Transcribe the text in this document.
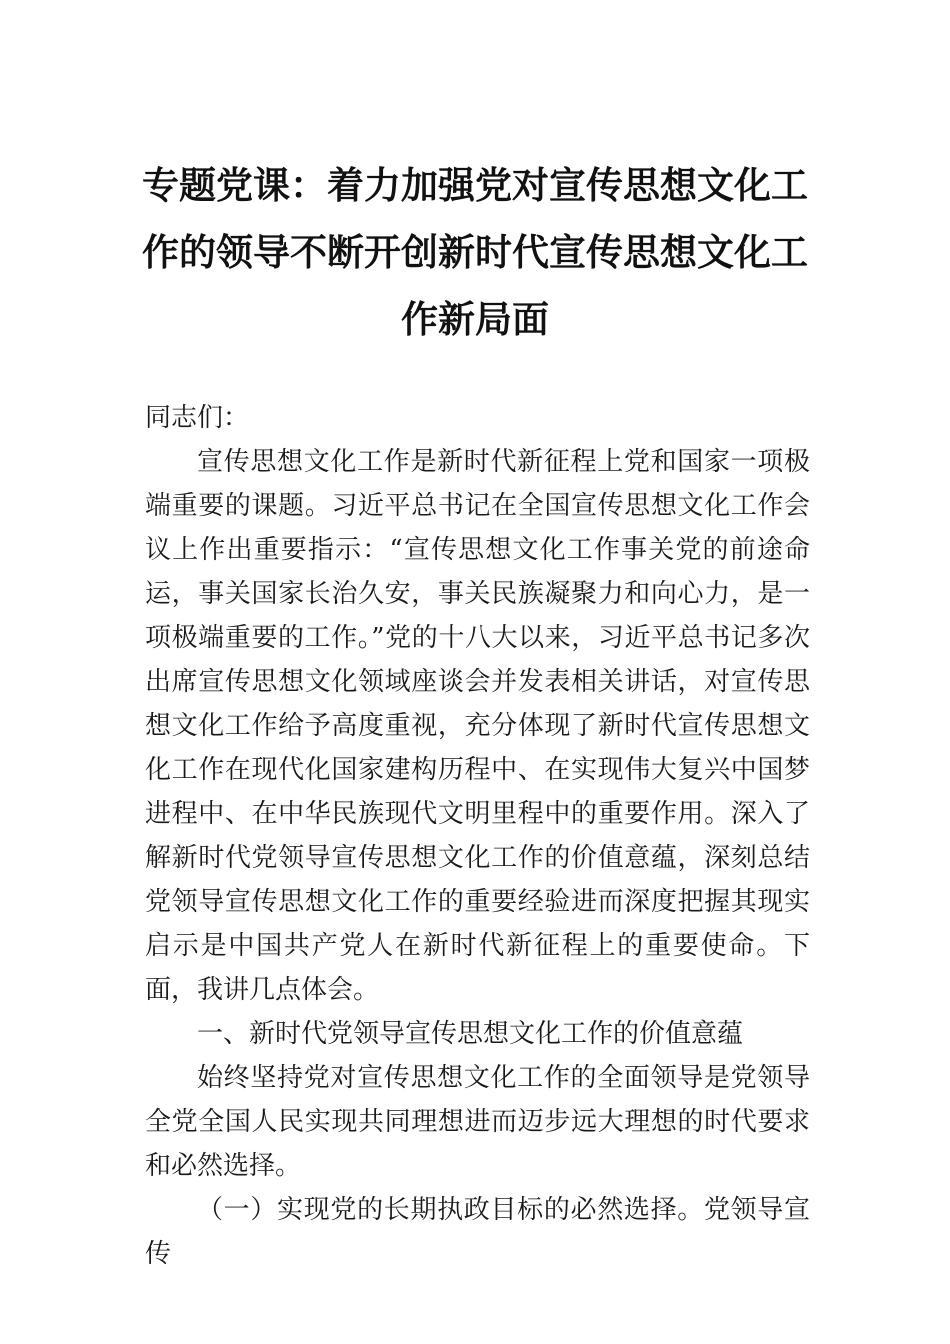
专题党课：着力加强党对宣传思想文化工作的领导不断开创新时代宣传思想文化工作新局面

同志们：

宣传思想文化工作是新时代新征程上党和国家一项极端重要的课题。习近平总书记在全国宣传思想文化工作会议上作出重要指示：“宣传思想文化工作事关党的前途命运，事关国家长治久安，事关民族凝聚力和向心力，是一项极端重要的工作。”党的十八大以来，习近平总书记多次出席宣传思想文化领域座谈会并发表相关讲话，对宣传思想文化工作给予高度重视，充分体现了新时代宣传思想文化工作在现代化国家建构历程中、在实现伟大复兴中国梦进程中、在中华民族现代文明里程中的重要作用。深入了解新时代党领导宣传思想文化工作的价值意蕴，深刻总结党领导宣传思想文化工作的重要经验进而深度把握其现实启示是中国共产党人在新时代新征程上的重要使命。下面，我讲几点体会。

一、新时代党领导宣传思想文化工作的价值意蕴

始终坚持党对宣传思想文化工作的全面领导是党领导全党全国人民实现共同理想进而迈步远大理想的时代要求和必然选择。

（一）实现党的长期执政目标的必然选择。党领导宣传
